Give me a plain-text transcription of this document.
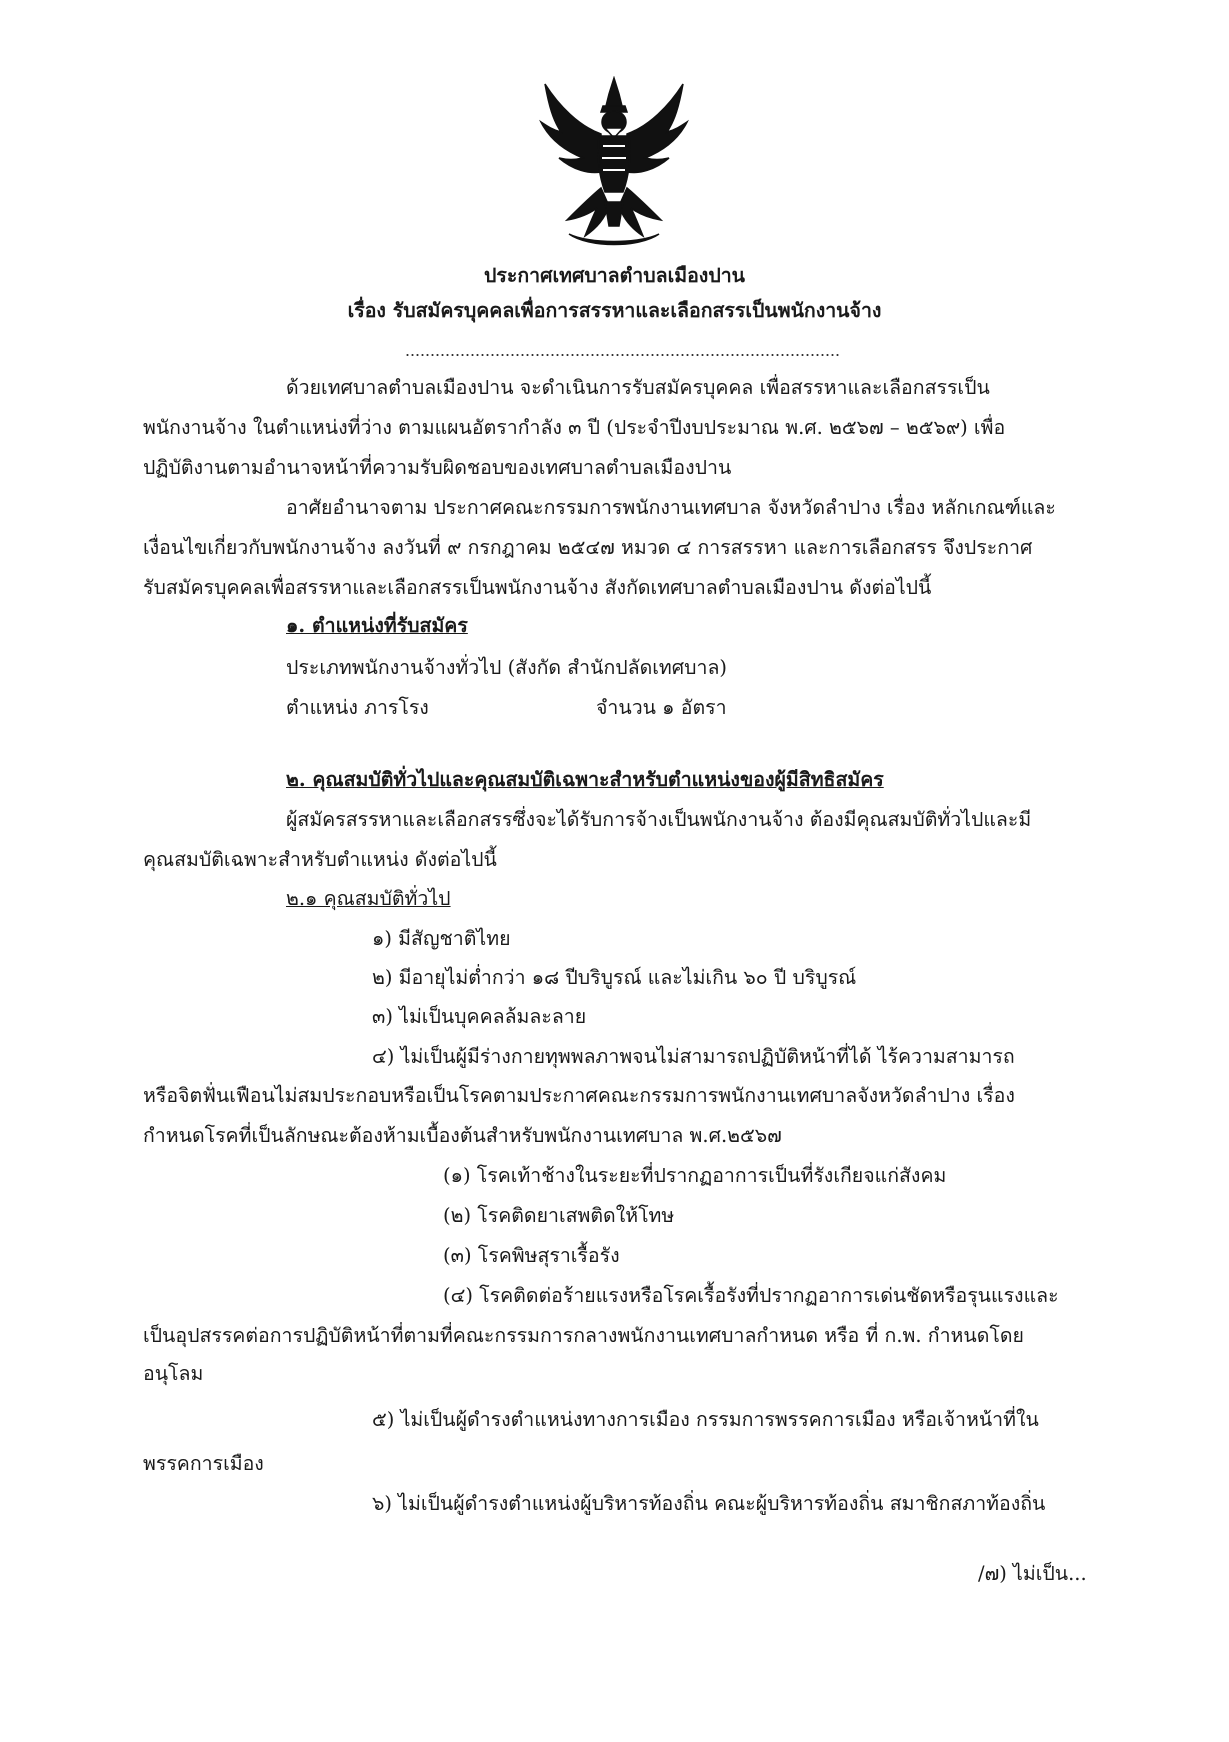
ประกาศเทศบาลตำบลเมืองปาน
เรื่อง รับสมัครบุคคลเพื่อการสรรหาและเลือกสรรเป็นพนักงานจ้าง
ด้วยเทศบาลตำบลเมืองปาน จะดำเนินการรับสมัครบุคคล เพื่อสรรหาและเลือกสรรเป็น
พนักงานจ้าง ในตำแหน่งที่ว่าง ตามแผนอัตรากำลัง ๓ ปี (ประจำปีงบประมาณ พ.ศ. ๒๕๖๗ – ๒๕๖๙) เพื่อ
ปฏิบัติงานตามอำนาจหน้าที่ความรับผิดชอบของเทศบาลตำบลเมืองปาน
อาศัยอำนาจตาม ประกาศคณะกรรมการพนักงานเทศบาล จังหวัดลำปาง เรื่อง หลักเกณฑ์และ
เงื่อนไขเกี่ยวกับพนักงานจ้าง ลงวันที่ ๙ กรกฎาคม ๒๕๔๗ หมวด ๔ การสรรหา และการเลือกสรร จึงประกาศ
รับสมัครบุคคลเพื่อสรรหาและเลือกสรรเป็นพนักงานจ้าง สังกัดเทศบาลตำบลเมืองปาน ดังต่อไปนี้
๑. ตำแหน่งที่รับสมัคร
ประเภทพนักงานจ้างทั่วไป (สังกัด สำนักปลัดเทศบาล)
ตำแหน่ง ภารโรง	จำนวน ๑ อัตรา
๒. คุณสมบัติทั่วไปและคุณสมบัติเฉพาะสำหรับตำแหน่งของผู้มีสิทธิสมัคร
ผู้สมัครสรรหาและเลือกสรรซึ่งจะได้รับการจ้างเป็นพนักงานจ้าง ต้องมีคุณสมบัติทั่วไปและมี
คุณสมบัติเฉพาะสำหรับตำแหน่ง ดังต่อไปนี้
๒.๑ คุณสมบัติทั่วไป
๑) มีสัญชาติไทย
๒) มีอายุไม่ต่ำกว่า ๑๘ ปีบริบูรณ์ และไม่เกิน ๖๐ ปี บริบูรณ์
๓) ไม่เป็นบุคคลล้มละลาย
๔) ไม่เป็นผู้มีร่างกายทุพพลภาพจนไม่สามารถปฏิบัติหน้าที่ได้ ไร้ความสามารถ
หรือจิตฟั่นเฟือนไม่สมประกอบหรือเป็นโรคตามประกาศคณะกรรมการพนักงานเทศบาลจังหวัดลำปาง เรื่อง
กำหนดโรคที่เป็นลักษณะต้องห้ามเบื้องต้นสำหรับพนักงานเทศบาล พ.ศ.๒๕๖๗
(๑) โรคเท้าช้างในระยะที่ปรากฏอาการเป็นที่รังเกียจแก่สังคม
(๒) โรคติดยาเสพติดให้โทษ
(๓) โรคพิษสุราเรื้อรัง
(๔) โรคติดต่อร้ายแรงหรือโรคเรื้อรังที่ปรากฏอาการเด่นชัดหรือรุนแรงและ
เป็นอุปสรรคต่อการปฏิบัติหน้าที่ตามที่คณะกรรมการกลางพนักงานเทศบาลกำหนด หรือ ที่ ก.พ. กำหนดโดย
อนุโลม
๕) ไม่เป็นผู้ดำรงตำแหน่งทางการเมือง กรรมการพรรคการเมือง หรือเจ้าหน้าที่ใน
พรรคการเมือง
๖) ไม่เป็นผู้ดำรงตำแหน่งผู้บริหารท้องถิ่น คณะผู้บริหารท้องถิ่น สมาชิกสภาท้องถิ่น
/๗) ไม่เป็น...
